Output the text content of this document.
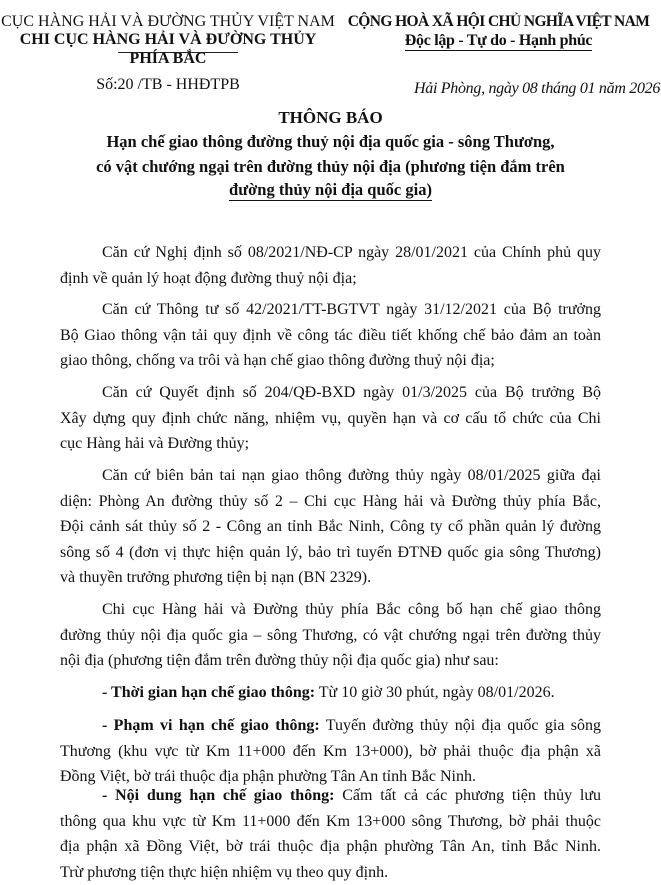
CỤC HÀNG HẢI VÀ ĐƯỜNG THỦY VIỆT NAM
CHI CỤC HÀNG HẢI VÀ ĐƯỜNG THỦY PHÍA BẮC
CỘNG HOÀ XÃ HỘI CHỦ NGHĨA VIỆT NAM
Độc lập - Tự do - Hạnh phúc
Số:20 /TB - HHĐTPB	Hải Phòng, ngày 08 tháng 01 năm 2026
THÔNG BÁO
Hạn chế giao thông đường thuỷ nội địa quốc gia - sông Thương,
có vật chướng ngại trên đường thủy nội địa (phương tiện đắm trên
đường thủy nội địa quốc gia)
Căn cứ Nghị định số 08/2021/NĐ-CP ngày 28/01/2021 của Chính phủ quy
định về quản lý hoạt động đường thuỷ nội địa;
Căn cứ Thông tư số 42/2021/TT-BGTVT ngày 31/12/2021 của Bộ trưởng
Bộ Giao thông vận tải quy định về công tác điều tiết khống chế bảo đảm an toàn
giao thông, chống va trôi và hạn chế giao thông đường thuỷ nội địa;
Căn cứ Quyết định số 204/QĐ-BXD ngày 01/3/2025 của Bộ trưởng Bộ
Xây dựng quy định chức năng, nhiệm vụ, quyền hạn và cơ cấu tổ chức của Chi
cục Hàng hải và Đường thủy;
Căn cứ biên bản tai nạn giao thông đường thủy ngày 08/01/2025 giữa đại
diện: Phòng An đường thủy số 2 – Chi cục Hàng hải và Đường thủy phía Bắc,
Đội cảnh sát thủy số 2 - Công an tỉnh Bắc Ninh, Công ty cổ phần quản lý đường
sông số 4 (đơn vị thực hiện quản lý, bảo trì tuyến ĐTNĐ quốc gia sông Thương)
và thuyền trưởng phương tiện bị nạn (BN 2329).
Chi cục Hàng hải và Đường thủy phía Bắc công bố hạn chế giao thông
đường thủy nội địa quốc gia – sông Thương, có vật chướng ngại trên đường thủy
nội địa (phương tiện đắm trên đường thủy nội địa quốc gia) như sau:
- Thời gian hạn chế giao thông: Từ 10 giờ 30 phút, ngày 08/01/2026.
- Phạm vi hạn chế giao thông: Tuyến đường thủy nội địa quốc gia sông
Thương (khu vực từ Km 11+000 đến Km 13+000), bờ phải thuộc địa phận xã
Đồng Việt, bờ trái thuộc địa phận phường Tân An tỉnh Bắc Ninh.
- Nội dung hạn chế giao thông: Cấm tất cả các phương tiện thủy lưu
thông qua khu vực từ Km 11+000 đến Km 13+000 sông Thương, bờ phải thuộc
địa phận xã Đồng Việt, bờ trái thuộc địa phận phường Tân An, tỉnh Bắc Ninh.
Trừ phương tiện thực hiện nhiệm vụ theo quy định.
